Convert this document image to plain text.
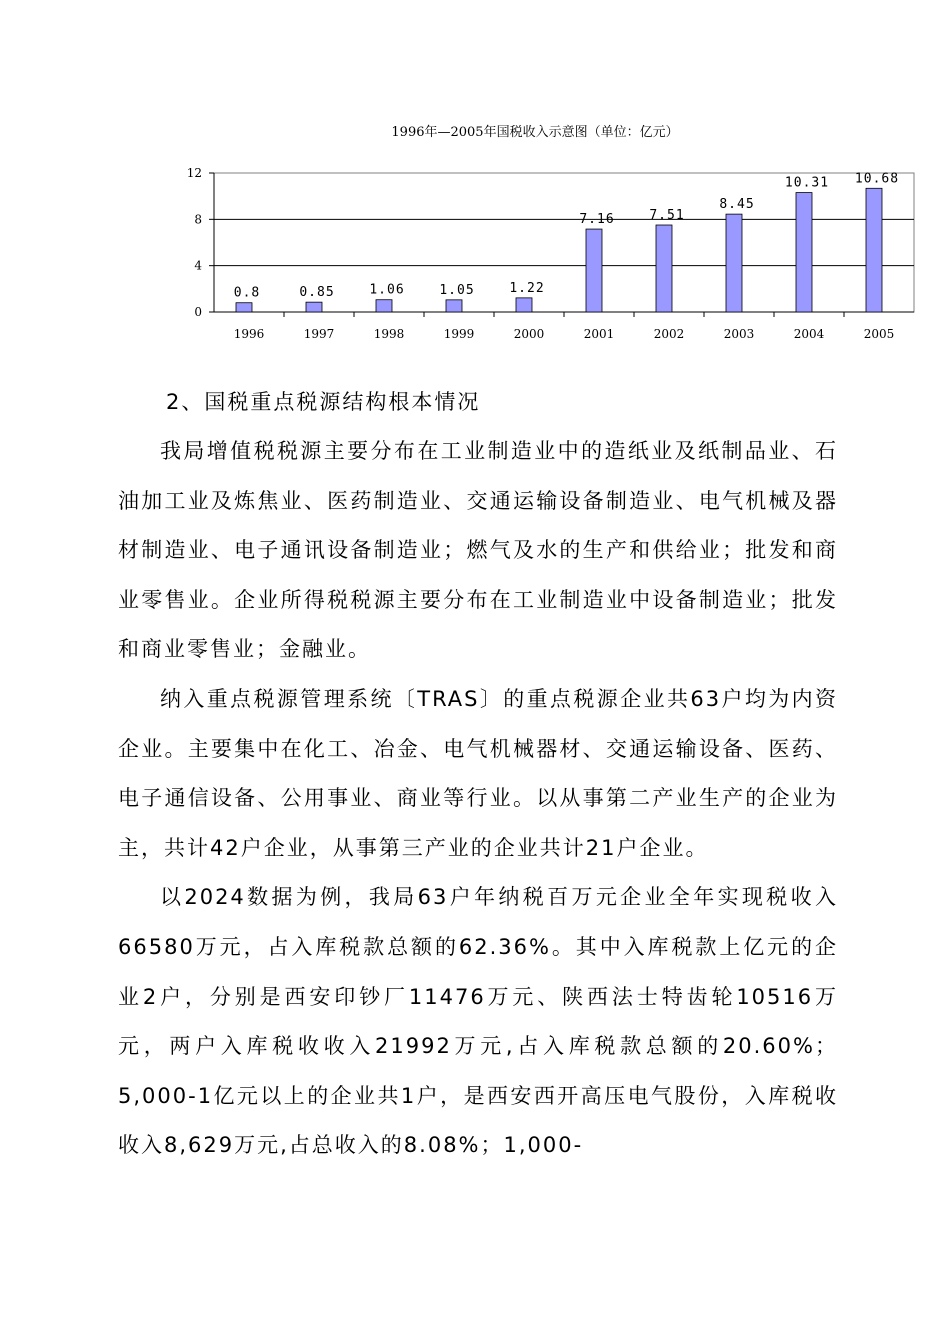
1996年—2005年国税收入示意图（单位：亿元）
0.8	0.85	1.06	1.05	1.22
7.16	7.51
8.45
10.31 10.68
0
4
8
12
1996	1997	1998	1999	2000	2001	2002	2003	2004	2005
2、国税重点税源结构根本情况

我局增值税税源主要分布在工业制造业中的造纸业及纸制品业、石油加工业及炼焦业、医药制造业、交通运输设备制造业、电气机械及器材制造业、电子通讯设备制造业；燃气及水的生产和供给业；批发和商业零售业。企业所得税税源主要分布在工业制造业中设备制造业；批发和商业零售业；金融业。

纳入重点税源管理系统〔TRAS〕的重点税源企业共63户均为内资企业。主要集中在化工、冶金、电气机械器材、交通运输设备、医药、电子通信设备、公用事业、商业等行业。以从事第二产业生产的企业为主，共计42户企业，从事第三产业的企业共计21户企业。

以2024数据为例，我局63户年纳税百万元企业全年实现税收入66580万元，占入库税款总额的62.36%。其中入库税款上亿元的企业2户，分别是西安印钞厂11476万元、陕西法士特齿轮10516万元，两户入库税收收入21992万元,占入库税款总额的20.60%；5,000-1亿元以上的企业共1户，是西安西开高压电气股份，入库税收收入8,629万元,占总收入的8.08%；1,000-
